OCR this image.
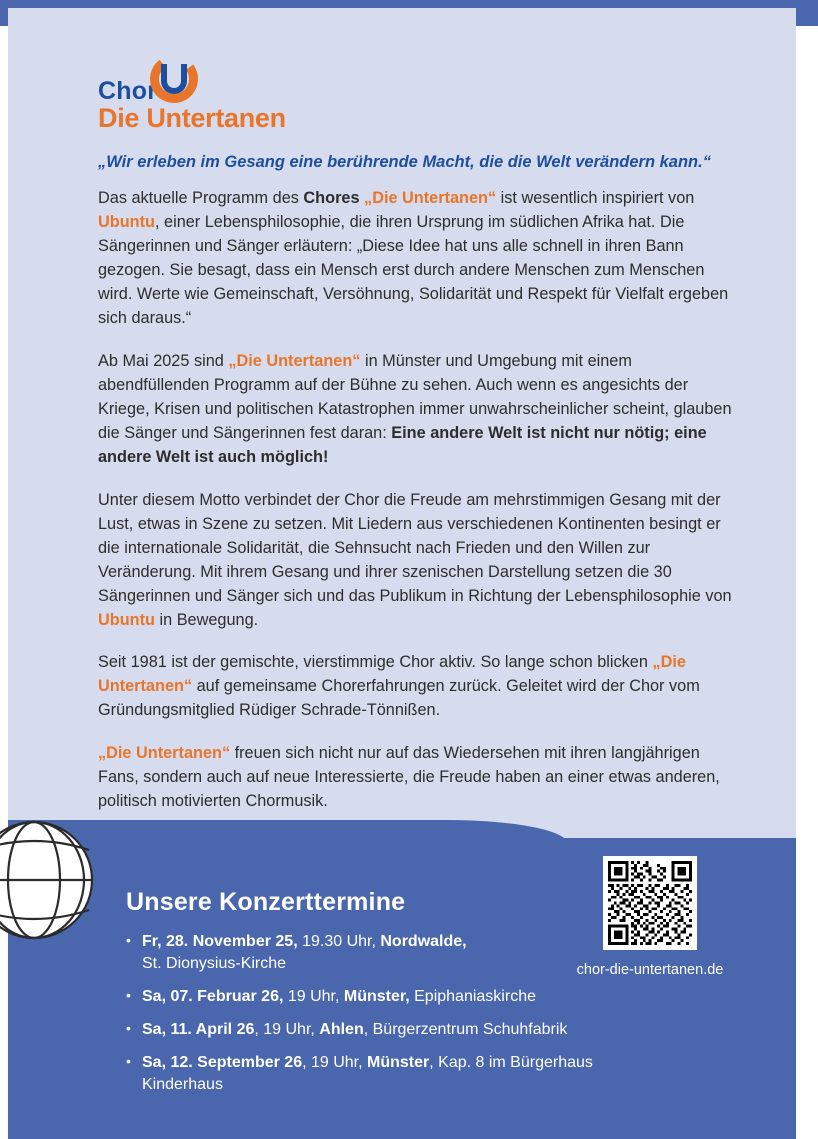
Chor
Die Untertanen
„Wir erleben im Gesang eine berührende Macht, die die Welt verändern kann.“

Das aktuelle Programm des Chores „Die Untertanen“ ist wesentlich inspiriert von Ubuntu, einer Lebensphilosophie, die ihren Ursprung im südlichen Afrika hat. Die Sängerinnen und Sänger erläutern: „Diese Idee hat uns alle schnell in ihren Bann gezogen. Sie besagt, dass ein Mensch erst durch andere Menschen zum Menschen wird. Werte wie Gemeinschaft, Versöhnung, Solidarität und Respekt für Vielfalt ergeben sich daraus.“

Ab Mai 2025 sind „Die Untertanen“ in Münster und Umgebung mit einem abendfüllenden Programm auf der Bühne zu sehen. Auch wenn es angesichts der Kriege, Krisen und politischen Katastrophen immer unwahrscheinlicher scheint, glauben die Sänger und Sängerinnen fest daran: Eine andere Welt ist nicht nur nötig; eine andere Welt ist auch möglich!

Unter diesem Motto verbindet der Chor die Freude am mehrstimmigen Gesang mit der Lust, etwas in Szene zu setzen. Mit Liedern aus verschiedenen Kontinenten besingt er die internationale Solidarität, die Sehnsucht nach Frieden und den Willen zur Veränderung. Mit ihrem Gesang und ihrer szenischen Darstellung setzen die 30 Sängerinnen und Sänger sich und das Publikum in Richtung der Lebensphilosophie von Ubuntu in Bewegung.

Seit 1981 ist der gemischte, vierstimmige Chor aktiv. So lange schon blicken „Die Untertanen“ auf gemeinsame Chorerfahrungen zurück. Geleitet wird der Chor vom Gründungsmitglied Rüdiger Schrade-Tönnißen.

„Die Untertanen“ freuen sich nicht nur auf das Wiedersehen mit ihren langjährigen Fans, sondern auch auf neue Interessierte, die Freude haben an einer etwas anderen, politisch motivierten Chormusik.

Unsere Konzerttermine
• Fr, 28. November 25, 19.30 Uhr, Nordwalde,
St. Dionysius-Kirche
• Sa, 07. Februar 26, 19 Uhr, Münster, Epiphaniaskirche
• Sa, 11. April 26, 19 Uhr, Ahlen, Bürgerzentrum Schuhfabrik
• Sa, 12. September 26, 19 Uhr, Münster, Kap. 8 im Bürgerhaus Kinderhaus
chor-die-untertanen.de
